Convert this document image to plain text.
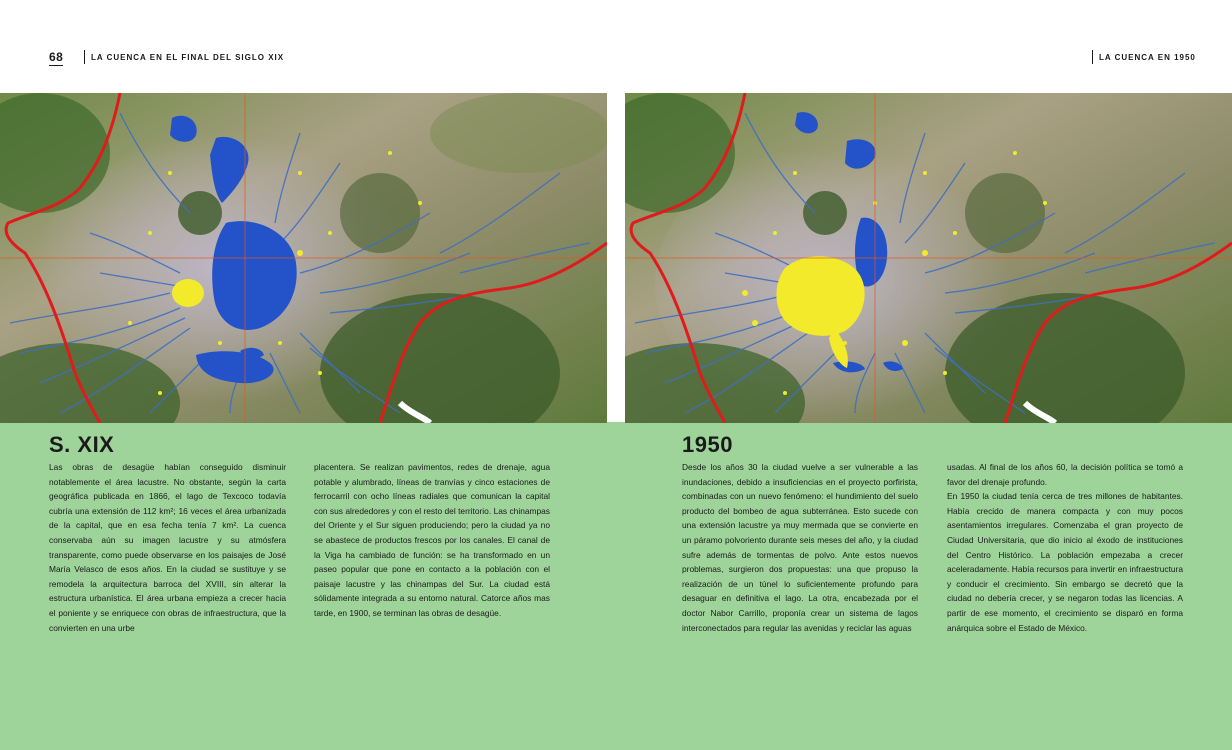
68	LA CUENCA EN EL FINAL DEL SIGLO XIX	LA CUENCA EN 1950
S. XIX

Las obras de desagüe habían conseguido disminuir notablemente el área lacustre. No obstante, según la carta geográfica publicada en 1866, el lago de Texcoco todavía cubría una extensión de 112 km²; 16 veces el área urbanizada de la capital, que en esa fecha tenía 7 km². La cuenca conservaba aún su imagen lacustre y su atmósfera transparente, como puede observarse en los paisajes de José María Velasco de esos años. En la ciudad se sustituye y se remodela la arquitectura barroca del XVIII, sin alterar la estructura urbanística. El área urbana empieza a crecer hacia el poniente y se enriquece con obras de infraestructura, que la convierten en una urbe

placentera. Se realizan pavimentos, redes de drenaje, agua potable y alumbrado, líneas de tranvías y cinco estaciones de ferrocarril con ocho líneas radiales que comunican la capital con sus alrededores y con el resto del territorio. Las chinampas del Oriente y el Sur siguen produciendo; pero la ciudad ya no se abastece de productos frescos por los canales. El canal de la Viga ha cambiado de función: se ha transformado en un paseo popular que pone en contacto a la población con el paisaje lacustre y las chinampas del Sur. La ciudad está sólidamente integrada a su entorno natural. Catorce años mas tarde, en 1900, se terminan las obras de desagüe.

1950

Desde los años 30 la ciudad vuelve a ser vulnerable a las inundaciones, debido a insuficiencias en el proyecto porfirista, combinadas con un nuevo fenómeno: el hundimiento del suelo producto del bombeo de agua subterránea. Esto sucede con una extensión lacustre ya muy mermada que se convierte en un páramo polvoriento durante seis meses del año, y la ciudad sufre además de tormentas de polvo. Ante estos nuevos problemas, surgieron dos propuestas: una que propuso la realización de un túnel lo suficientemente profundo para desaguar en definitiva el lago. La otra, encabezada por el doctor Nabor Carrillo, proponía crear un sistema de lagos interconectados para regular las avenidas y reciclar las aguas

usadas. Al final de los años 60, la decisión política se tomó a favor del drenaje profundo.

En 1950 la ciudad tenía cerca de tres millones de habitantes. Había crecido de manera compacta y con muy pocos asentamientos irregulares. Comenzaba el gran proyecto de Ciudad Universitaria, que dio inicio al éxodo de instituciones del Centro Histórico. La población empezaba a crecer aceleradamente. Había recursos para invertir en infraestructura y conducir el crecimiento. Sin embargo se decretó que la ciudad no debería crecer, y se negaron todas las licencias. A partir de ese momento, el crecimiento se disparó en forma anárquica sobre el Estado de México.
